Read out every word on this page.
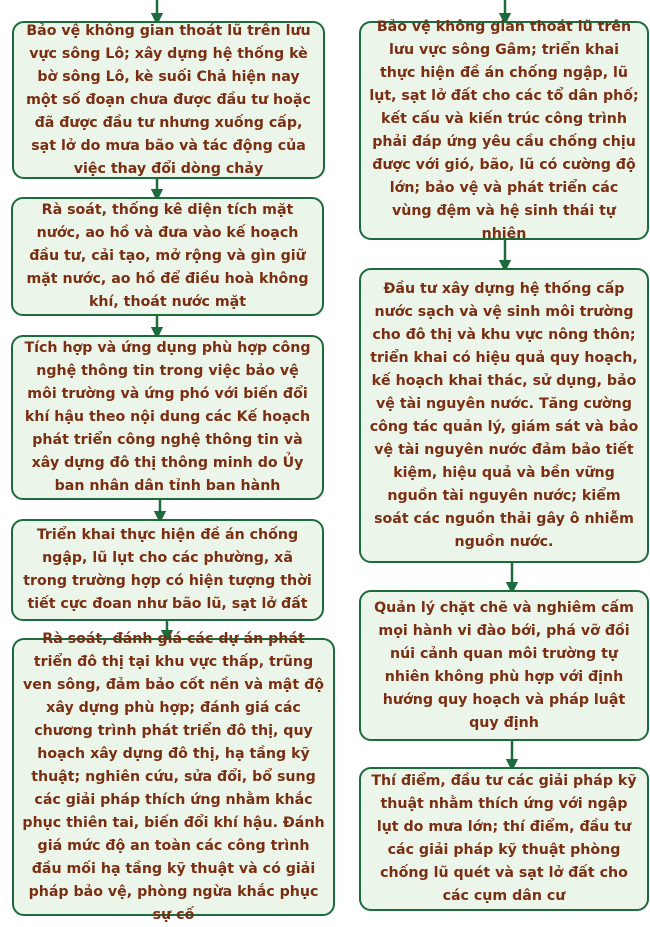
Bảo vệ không gian thoát lũ trên lưu vực sông Lô; xây dựng hệ thống kè bờ sông Lô, kè suối Chả hiện nay một số đoạn chưa được đầu tư hoặc đã được đầu tư nhưng xuống cấp, sạt lở do mưa bão và tác động của việc thay đổi dòng chảy
Rà soát, thống kê diện tích mặt nước, ao hồ và đưa vào kế hoạch đầu tư, cải tạo, mở rộng và gìn giữ mặt nước, ao hồ để điều hoà không khí, thoát nước mặt
Tích hợp và ứng dụng phù hợp công nghệ thông tin trong việc bảo vệ môi trường và ứng phó với biến đổi khí hậu theo nội dung các Kế hoạch phát triển công nghệ thông tin và xây dựng đô thị thông minh do Ủy ban nhân dân tỉnh ban hành
Triển khai thực hiện đề án chống ngập, lũ lụt cho các phường, xã trong trường hợp có hiện tượng thời tiết cực đoan như bão lũ, sạt lở đất
Rà soát, đánh giá các dự án phát triển đô thị tại khu vực thấp, trũng ven sông, đảm bảo cốt nền và mật độ xây dựng phù hợp; đánh giá các chương trình phát triển đô thị, quy hoạch xây dựng đô thị, hạ tầng kỹ thuật; nghiên cứu, sửa đổi, bổ sung các giải pháp thích ứng nhằm khắc phục thiên tai, biến đổi khí hậu. Đánh giá mức độ an toàn các công trình đầu mối hạ tầng kỹ thuật và có giải pháp bảo vệ, phòng ngừa khắc phục sự cố
Bảo vệ không gian thoát lũ trên lưu vực sông Gâm; triển khai thực hiện đề án chống ngập, lũ lụt, sạt lở đất cho các tổ dân phố; kết cấu và kiến trúc công trình phải đáp ứng yêu cầu chống chịu được với gió, bão, lũ có cường độ lớn; bảo vệ và phát triển các vùng đệm và hệ sinh thái tự nhiên
Đầu tư xây dựng hệ thống cấp nước sạch và vệ sinh môi trường cho đô thị và khu vực nông thôn; triển khai có hiệu quả quy hoạch, kế hoạch khai thác, sử dụng, bảo vệ tài nguyên nước. Tăng cường công tác quản lý, giám sát và bảo vệ tài nguyên nước đảm bảo tiết kiệm, hiệu quả và bền vững nguồn tài nguyên nước; kiểm soát các nguồn thải gây ô nhiễm nguồn nước.
Quản lý chặt chẽ và nghiêm cấm mọi hành vi đào bới, phá vỡ đồi núi cảnh quan môi trường tự nhiên không phù hợp với định hướng quy hoạch và pháp luật quy định
Thí điểm, đầu tư các giải pháp kỹ thuật nhằm thích ứng với ngập lụt do mưa lớn; thí điểm, đầu tư các giải pháp kỹ thuật phòng chống lũ quét và sạt lở đất cho các cụm dân cư
